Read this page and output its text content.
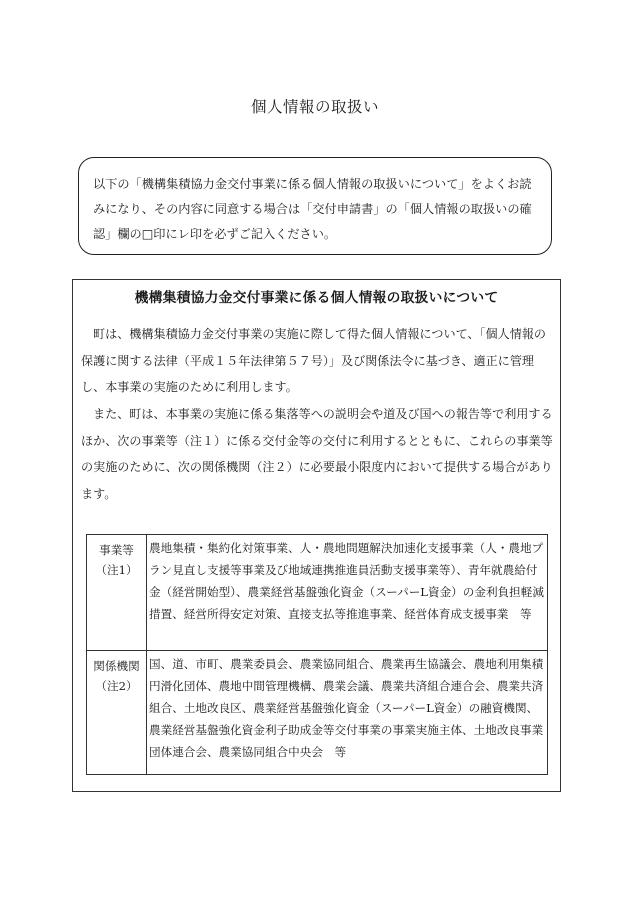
個人情報の取扱い
以下の「機構集積協力金交付事業に係る個人情報の取扱いについて」をよくお読みになり、その内容に同意する場合は「交付申請書」の「個人情報の取扱いの確認」欄の□印にレ印を必ずご記入ください。
機構集積協力金交付事業に係る個人情報の取扱いについて

町は、機構集積協力金交付事業の実施に際して得た個人情報について、「個人情報の保護に関する法律（平成１５年法律第５７号）」及び関係法令に基づき、適正に管理し、本事業の実施のために利用します。

また、町は、本事業の実施に係る集落等への説明会や道及び国への報告等で利用するほか、次の事業等（注１）に係る交付金等の交付に利用するとともに、これらの事業等の実施のために、次の関係機関（注２）に必要最小限度内において提供する場合があります。

事業等
（注1）	農地集積・集約化対策事業、人・農地問題解決加速化支援事業（人・農地プラン見直し支援等事業及び地域連携推進員活動支援事業等）、青年就農給付金（経営開始型）、農業経営基盤強化資金（スーパーL資金）の金利負担軽減措置、経営所得安定対策、直接支払等推進事業、経営体育成支援事業　等

関係機関
（注2）	国、道、市町、農業委員会、農業協同組合、農業再生協議会、農地利用集積円滑化団体、農地中間管理機構、農業会議、農業共済組合連合会、農業共済組合、土地改良区、農業経営基盤強化資金（スーパーL資金）の融資機関、農業経営基盤強化資金利子助成金等交付事業の事業実施主体、土地改良事業団体連合会、農業協同組合中央会　等
